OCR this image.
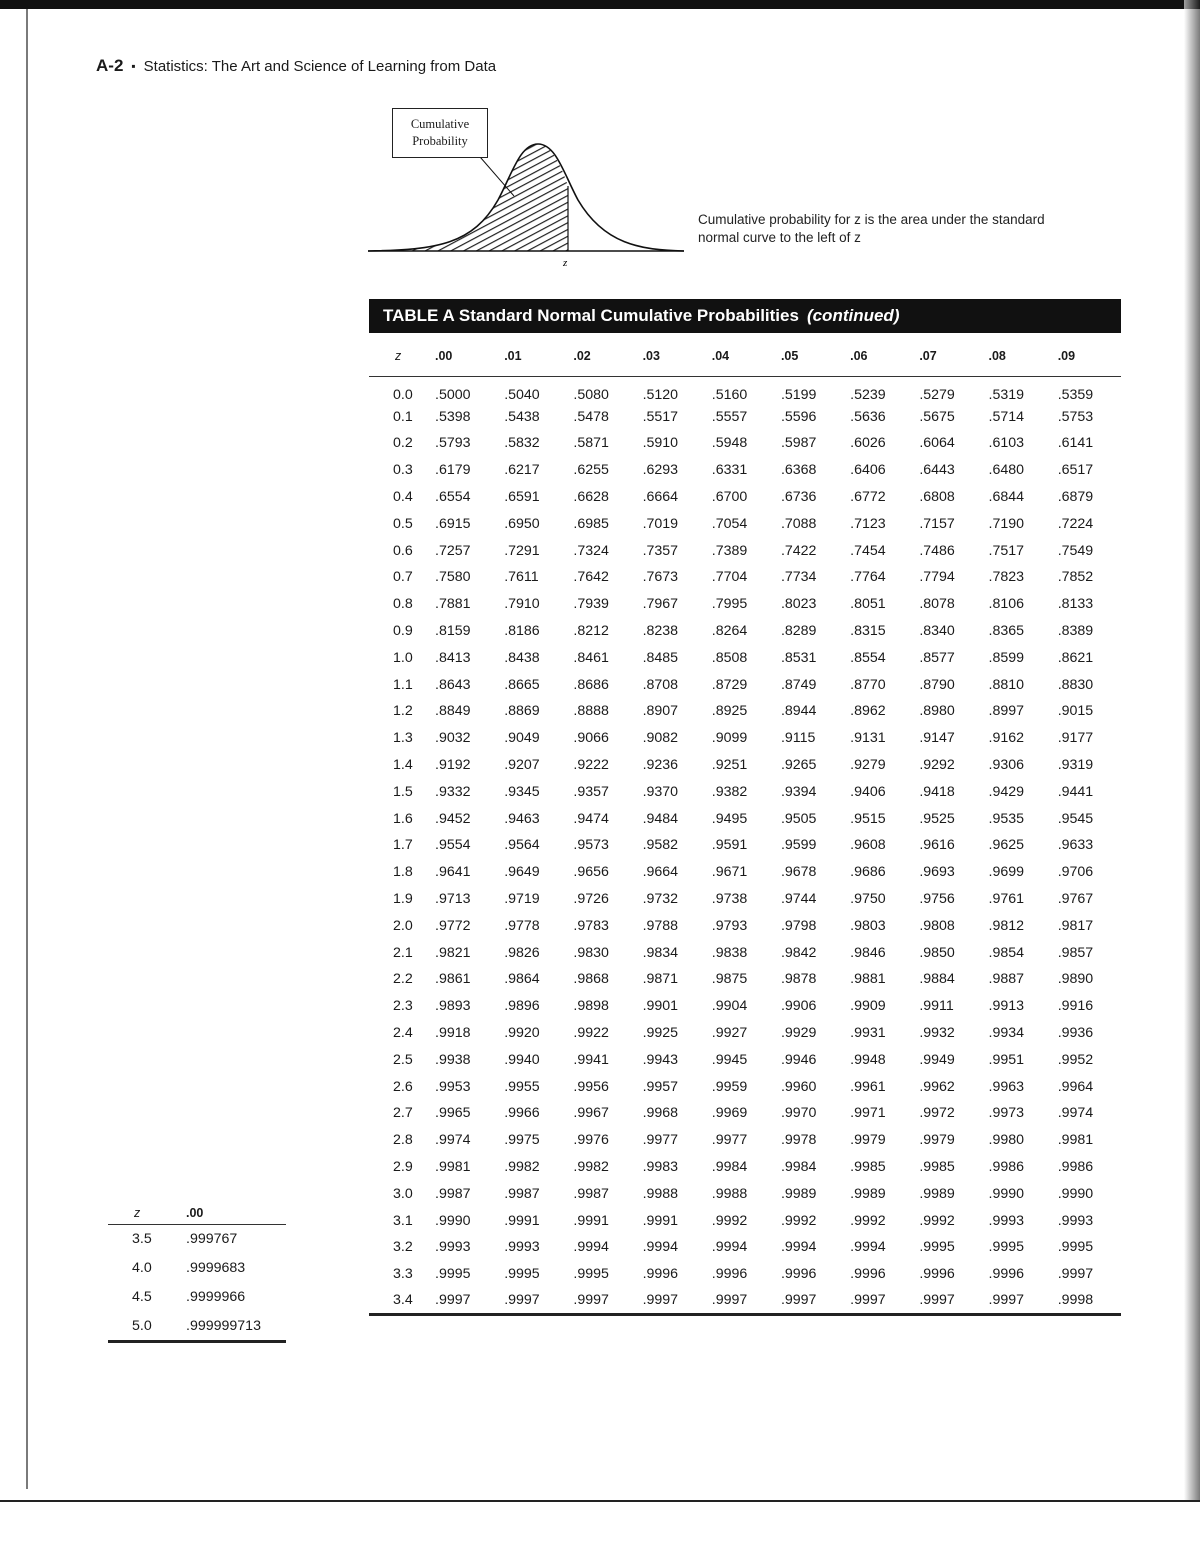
A-2 ▪ Statistics: The Art and Science of Learning from Data
z
Cumulative
Probability
Cumulative probability for z is the area under the standard normal curve to the left of z
TABLE A Standard Normal Cumulative Probabilities (continued)
z	.00	.01	.02	.03	.04	.05	.06	.07	.08	.09
0.0	.5000	.5040	.5080	.5120	.5160	.5199	.5239	.5279	.5319	.5359
0.1	.5398	.5438	.5478	.5517	.5557	.5596	.5636	.5675	.5714	.5753
0.2	.5793	.5832	.5871	.5910	.5948	.5987	.6026	.6064	.6103	.6141
0.3	.6179	.6217	.6255	.6293	.6331	.6368	.6406	.6443	.6480	.6517
0.4	.6554	.6591	.6628	.6664	.6700	.6736	.6772	.6808	.6844	.6879
0.5	.6915	.6950	.6985	.7019	.7054	.7088	.7123	.7157	.7190	.7224
0.6	.7257	.7291	.7324	.7357	.7389	.7422	.7454	.7486	.7517	.7549
0.7	.7580	.7611	.7642	.7673	.7704	.7734	.7764	.7794	.7823	.7852
0.8	.7881	.7910	.7939	.7967	.7995	.8023	.8051	.8078	.8106	.8133
0.9	.8159	.8186	.8212	.8238	.8264	.8289	.8315	.8340	.8365	.8389
1.0	.8413	.8438	.8461	.8485	.8508	.8531	.8554	.8577	.8599	.8621
1.1	.8643	.8665	.8686	.8708	.8729	.8749	.8770	.8790	.8810	.8830
1.2	.8849	.8869	.8888	.8907	.8925	.8944	.8962	.8980	.8997	.9015
1.3	.9032	.9049	.9066	.9082	.9099	.9115	.9131	.9147	.9162	.9177
1.4	.9192	.9207	.9222	.9236	.9251	.9265	.9279	.9292	.9306	.9319
1.5	.9332	.9345	.9357	.9370	.9382	.9394	.9406	.9418	.9429	.9441
1.6	.9452	.9463	.9474	.9484	.9495	.9505	.9515	.9525	.9535	.9545
1.7	.9554	.9564	.9573	.9582	.9591	.9599	.9608	.9616	.9625	.9633
1.8	.9641	.9649	.9656	.9664	.9671	.9678	.9686	.9693	.9699	.9706
1.9	.9713	.9719	.9726	.9732	.9738	.9744	.9750	.9756	.9761	.9767
2.0	.9772	.9778	.9783	.9788	.9793	.9798	.9803	.9808	.9812	.9817
2.1	.9821	.9826	.9830	.9834	.9838	.9842	.9846	.9850	.9854	.9857
2.2	.9861	.9864	.9868	.9871	.9875	.9878	.9881	.9884	.9887	.9890
2.3	.9893	.9896	.9898	.9901	.9904	.9906	.9909	.9911	.9913	.9916
2.4	.9918	.9920	.9922	.9925	.9927	.9929	.9931	.9932	.9934	.9936
2.5	.9938	.9940	.9941	.9943	.9945	.9946	.9948	.9949	.9951	.9952
2.6	.9953	.9955	.9956	.9957	.9959	.9960	.9961	.9962	.9963	.9964
2.7	.9965	.9966	.9967	.9968	.9969	.9970	.9971	.9972	.9973	.9974
2.8	.9974	.9975	.9976	.9977	.9977	.9978	.9979	.9979	.9980	.9981
2.9	.9981	.9982	.9982	.9983	.9984	.9984	.9985	.9985	.9986	.9986
3.0	.9987	.9987	.9987	.9988	.9988	.9989	.9989	.9989	.9990	.9990
3.1	.9990	.9991	.9991	.9991	.9992	.9992	.9992	.9992	.9993	.9993
3.2	.9993	.9993	.9994	.9994	.9994	.9994	.9994	.9995	.9995	.9995
3.3	.9995	.9995	.9995	.9996	.9996	.9996	.9996	.9996	.9996	.9997
3.4	.9997	.9997	.9997	.9997	.9997	.9997	.9997	.9997	.9997	.9998

z	.00
3.5	.999767
4.0	.9999683
4.5	.9999966
5.0	.999999713
